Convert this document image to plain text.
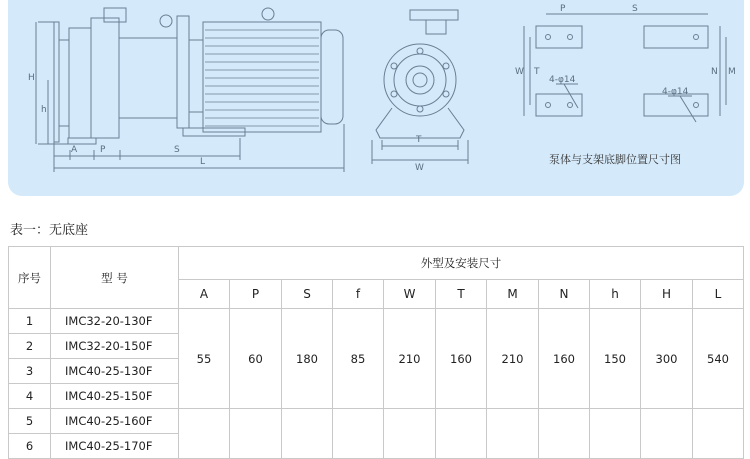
H
h
A	P	S
L
T
W
P	S
W T	M
N
4-φ14
4-φ14
泵体与支架底脚位置尺寸图

表一：无底座

序号	型 号	外型及安装尺寸										
		A	P	S	f	W	T	M	N	h	H	L
1	IMC32-20-130F	55	60	180	85	210	160	210	160	150	300	540
2	IMC32-20-150F											
3	IMC40-25-130F											
4	IMC40-25-150F											
5	IMC40-25-160F											
6	IMC40-25-170F											
